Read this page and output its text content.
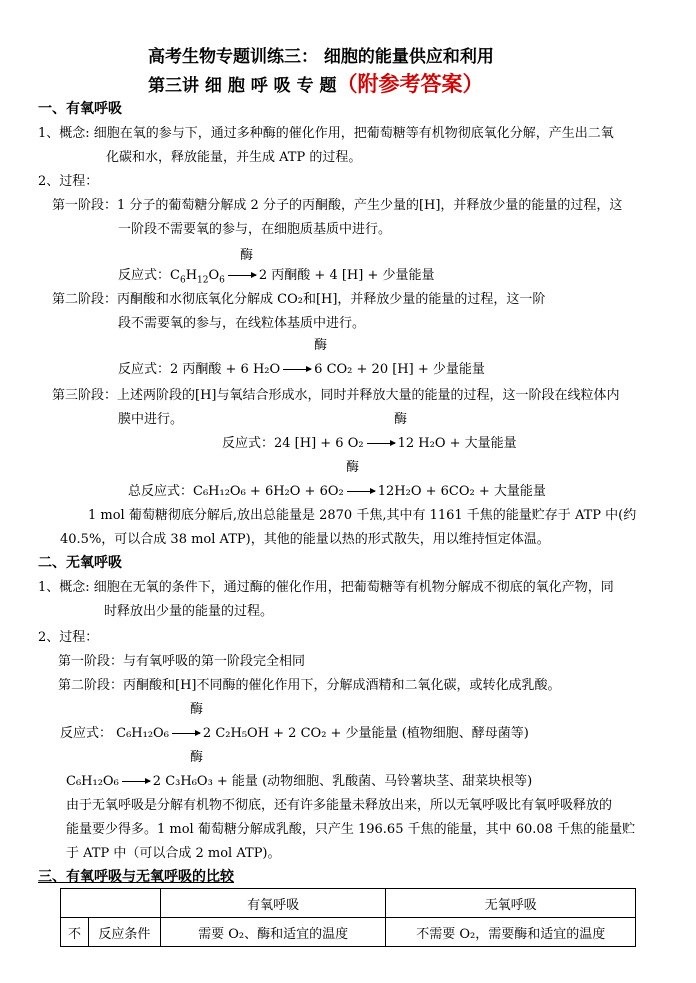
高考生物专题训练三： 细胞的能量供应和利用
第三讲 细 胞 呼 吸 专 题（附参考答案）
一、有氧呼吸
1、概念: 细胞在氧的参与下，通过多种酶的催化作用，把葡萄糖等有机物彻底氧化分解，产生出二氧
化碳和水，释放能量，并生成 ATP 的过程。
2、过程：
第一阶段：1 分子的葡萄糖分解成 2 分子的丙酮酸，产生少量的[H]，并释放少量的能量的过程，这
一阶段不需要氧的参与，在细胞质基质中进行。
酶
反应式：$C_6H_{12}O_6$	2 丙酮酸 + 4 [H] + 少量能量
第二阶段：丙酮酸和水彻底氧化分解成 CO₂和[H]，并释放少量的能量的过程，这一阶
段不需要氧的参与，在线粒体基质中进行。
酶
反应式：2 丙酮酸 + 6 H₂O	6 CO₂ + 20 [H] + 少量能量
第三阶段：上述两阶段的[H]与氧结合形成水，同时并释放大量的能量的过程，这一阶段在线粒体内
膜中进行。	酶
反应式：24 [H] + 6 O₂	12 H₂O + 大量能量
酶
总反应式：C₆H₁₂O₆ + 6H₂O + 6O₂	12H₂O + 6CO₂ + 大量能量
1 mol 葡萄糖彻底分解后,放出总能量是 2870 千焦,其中有 1161 千焦的能量贮存于 ATP 中(约
40.5%，可以合成 38 mol ATP)，其他的能量以热的形式散失，用以维持恒定体温。
二、无氧呼吸
1、概念: 细胞在无氧的条件下，通过酶的催化作用，把葡萄糖等有机物分解成不彻底的氧化产物，同
时释放出少量的能量的过程。
2、过程：
第一阶段：与有氧呼吸的第一阶段完全相同
第二阶段：丙酮酸和[H]不同酶的催化作用下，分解成酒精和二氧化碳，或转化成乳酸。
酶
反应式： C₆H₁₂O₆	2 C₂H₅OH + 2 CO₂ + 少量能量 (植物细胞、酵母菌等)
酶
C₆H₁₂O₆	2 C₃H₆O₃ + 能量 (动物细胞、乳酸菌、马铃薯块茎、甜菜块根等)
由于无氧呼吸是分解有机物不彻底，还有许多能量未释放出来，所以无氧呼吸比有氧呼吸释放的
能量要少得多。1 mol 葡萄糖分解成乳酸，只产生 196.65 千焦的能量，其中 60.08 千焦的能量贮
于 ATP 中（可以合成 2 mol ATP)。
三、有氧呼吸与无氧呼吸的比较
		有氧呼吸	无氧呼吸
不	反应条件	需要 O₂、酶和适宜的温度	不需要 O₂，需要酶和适宜的温度
